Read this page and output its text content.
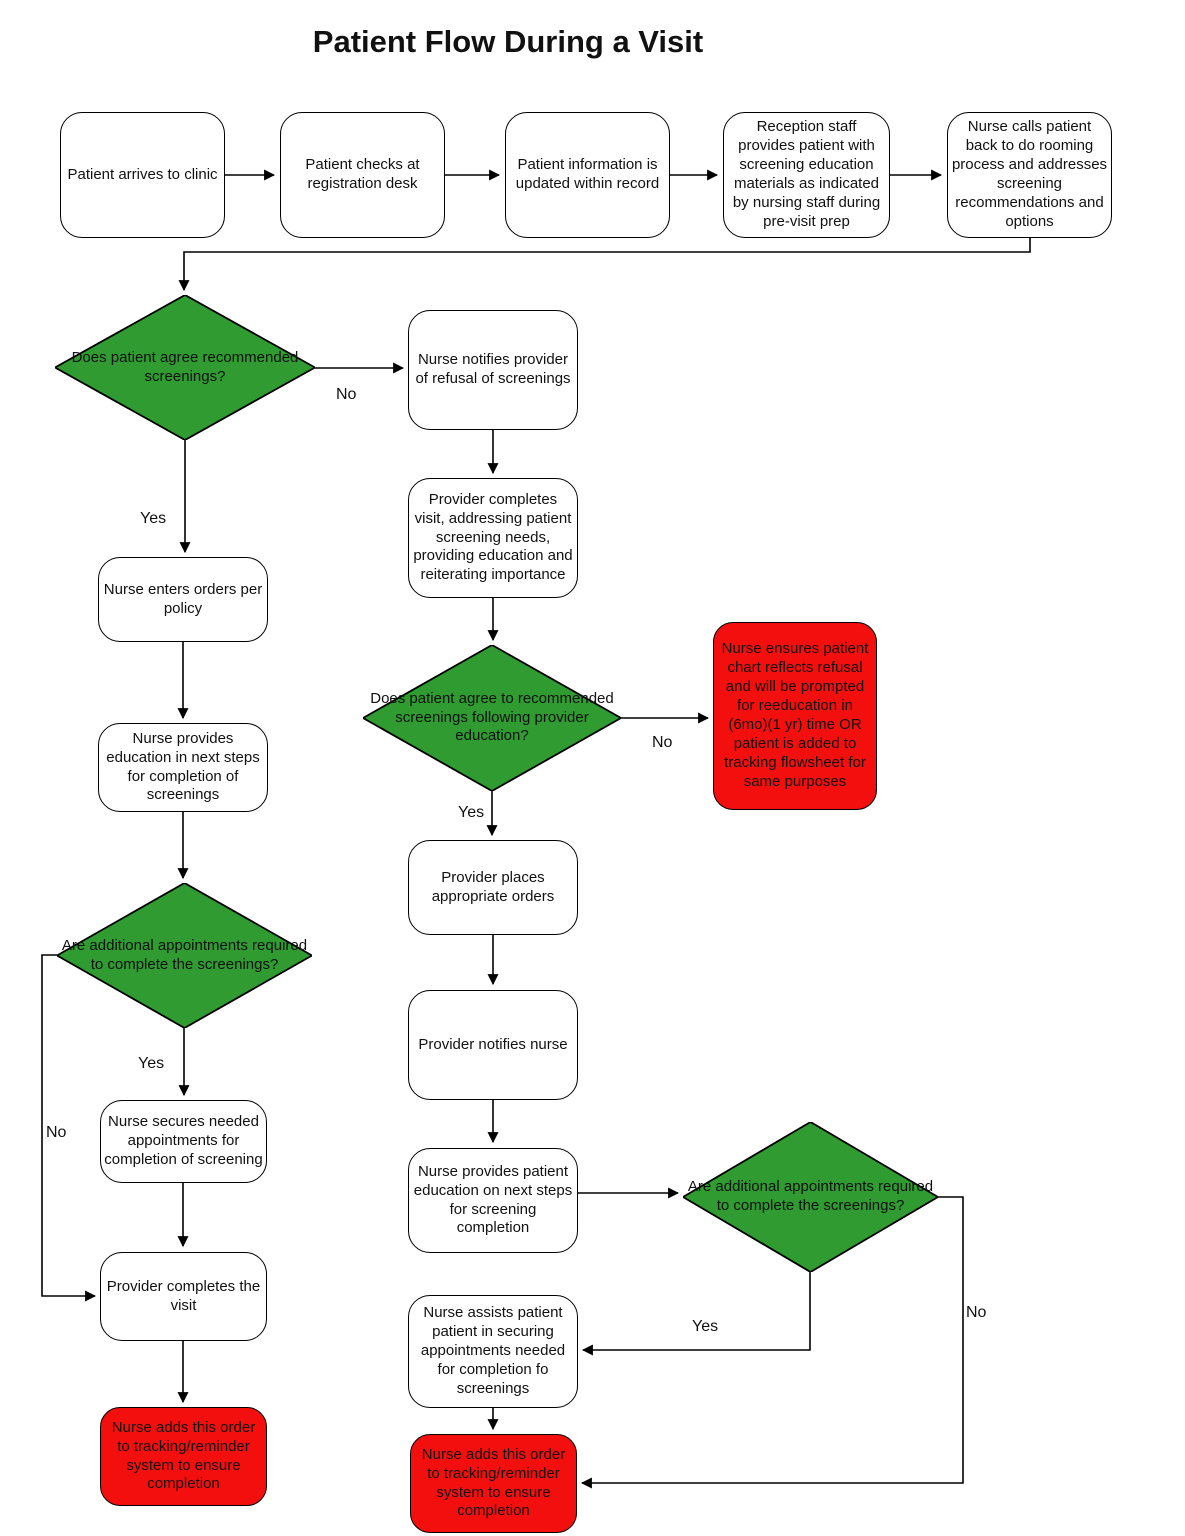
Patient Flow During a Visit
Patient arrives to clinic
Patient checks at registration desk
Patient information is updated within record
Reception staff provides patient with screening education materials as indicated by nursing staff during pre-visit prep
Nurse calls patient back to do rooming process and addresses screening recommendations and options
Does patient agree recommended screenings?
Nurse notifies provider of refusal of screenings
Provider completes visit, addressing patient screening needs, providing education and reiterating importance
Does patient agree to recommended screenings following provider education?
Nurse ensures patient chart reflects refusal and will be prompted for reeducation in (6mo)(1 yr) time OR patient is added to tracking flowsheet for same purposes
Provider places appropriate orders
Provider notifies nurse
Nurse provides patient education on next steps for screening completion
Are additional appointments required to complete the screenings?
Nurse assists patient patient in securing appointments needed for completion fo screenings
Nurse adds this order to tracking/reminder system to ensure completion
Nurse enters orders per policy
Nurse provides education in next steps for completion of screenings
Are additional appointments required to complete the screenings?
Nurse secures needed appointments for completion of screening
Provider completes the visit
Nurse adds this order to tracking/reminder system to ensure completion
No
Yes
No
Yes
Yes
No
Yes
No
